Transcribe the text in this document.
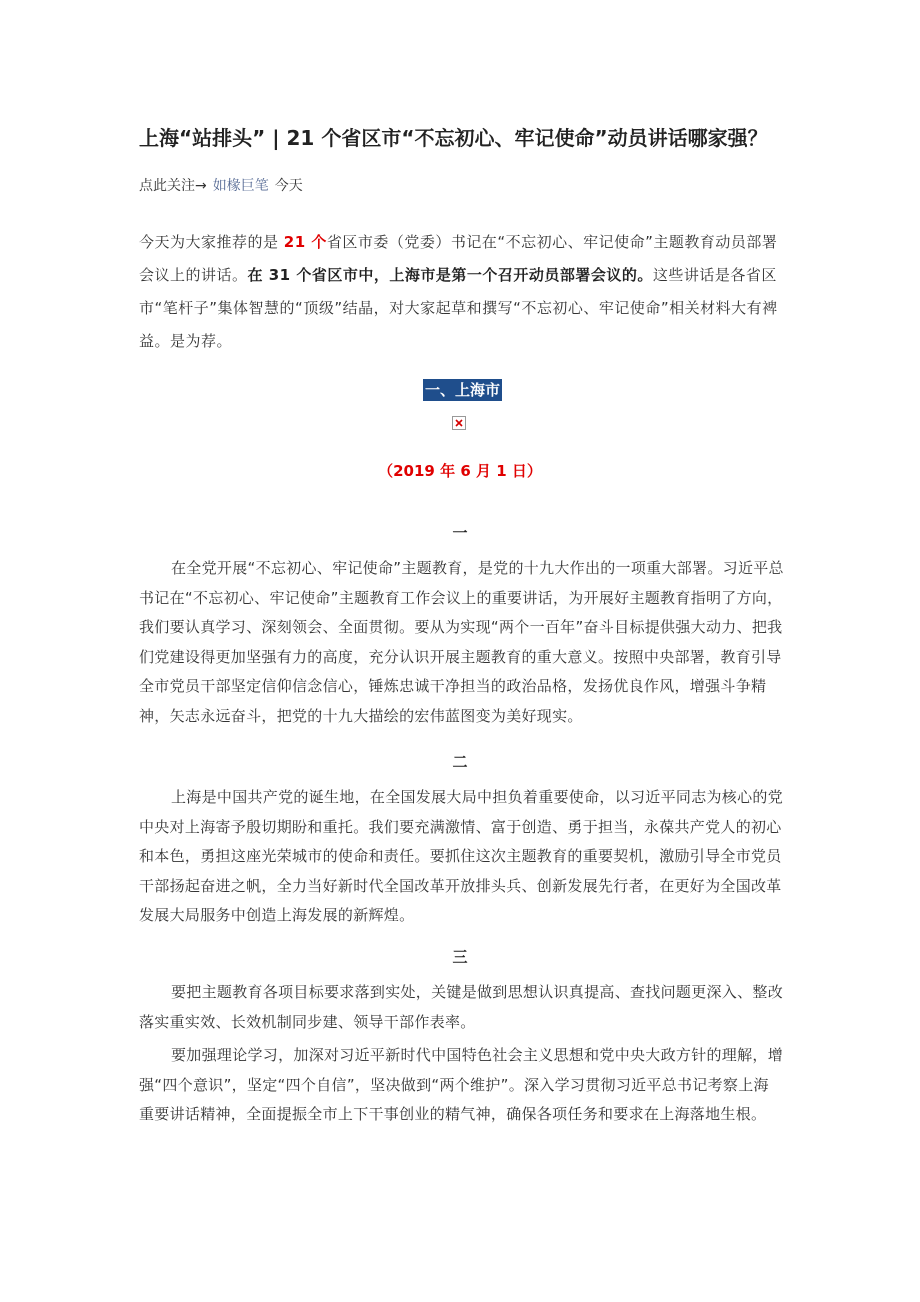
上海“站排头” | 21 个省区市“不忘初心、牢记使命”动员讲话哪家强？
点此关注→ 如椽巨笔 今天
今天为大家推荐的是 21 个省区市委（党委）书记在“不忘初心、牢记使命”主题教育动员部署会议上的讲话。在 31 个省区市中，上海市是第一个召开动员部署会议的。这些讲话是各省区市“笔杆子”集体智慧的“顶级”结晶，对大家起草和撰写“不忘初心、牢记使命”相关材料大有裨益。是为荐。
一、上海市
（2019 年 6 月 1 日）
一
在全党开展“不忘初心、牢记使命”主题教育，是党的十九大作出的一项重大部署。习近平总书记在“不忘初心、牢记使命”主题教育工作会议上的重要讲话，为开展好主题教育指明了方向，我们要认真学习、深刻领会、全面贯彻。要从为实现“两个一百年”奋斗目标提供强大动力、把我们党建设得更加坚强有力的高度，充分认识开展主题教育的重大意义。按照中央部署，教育引导全市党员干部坚定信仰信念信心，锤炼忠诚干净担当的政治品格，发扬优良作风，增强斗争精神，矢志永远奋斗，把党的十九大描绘的宏伟蓝图变为美好现实。
二
上海是中国共产党的诞生地，在全国发展大局中担负着重要使命，以习近平同志为核心的党中央对上海寄予殷切期盼和重托。我们要充满激情、富于创造、勇于担当，永葆共产党人的初心和本色，勇担这座光荣城市的使命和责任。要抓住这次主题教育的重要契机，激励引导全市党员干部扬起奋进之帆，全力当好新时代全国改革开放排头兵、创新发展先行者，在更好为全国改革发展大局服务中创造上海发展的新辉煌。
三
要把主题教育各项目标要求落到实处，关键是做到思想认识真提高、查找问题更深入、整改落实重实效、长效机制同步建、领导干部作表率。
要加强理论学习，加深对习近平新时代中国特色社会主义思想和党中央大政方针的理解，增强“四个意识”，坚定“四个自信”，坚决做到“两个维护”。深入学习贯彻习近平总书记考察上海重要讲话精神，全面提振全市上下干事创业的精气神，确保各项任务和要求在上海落地生根。
